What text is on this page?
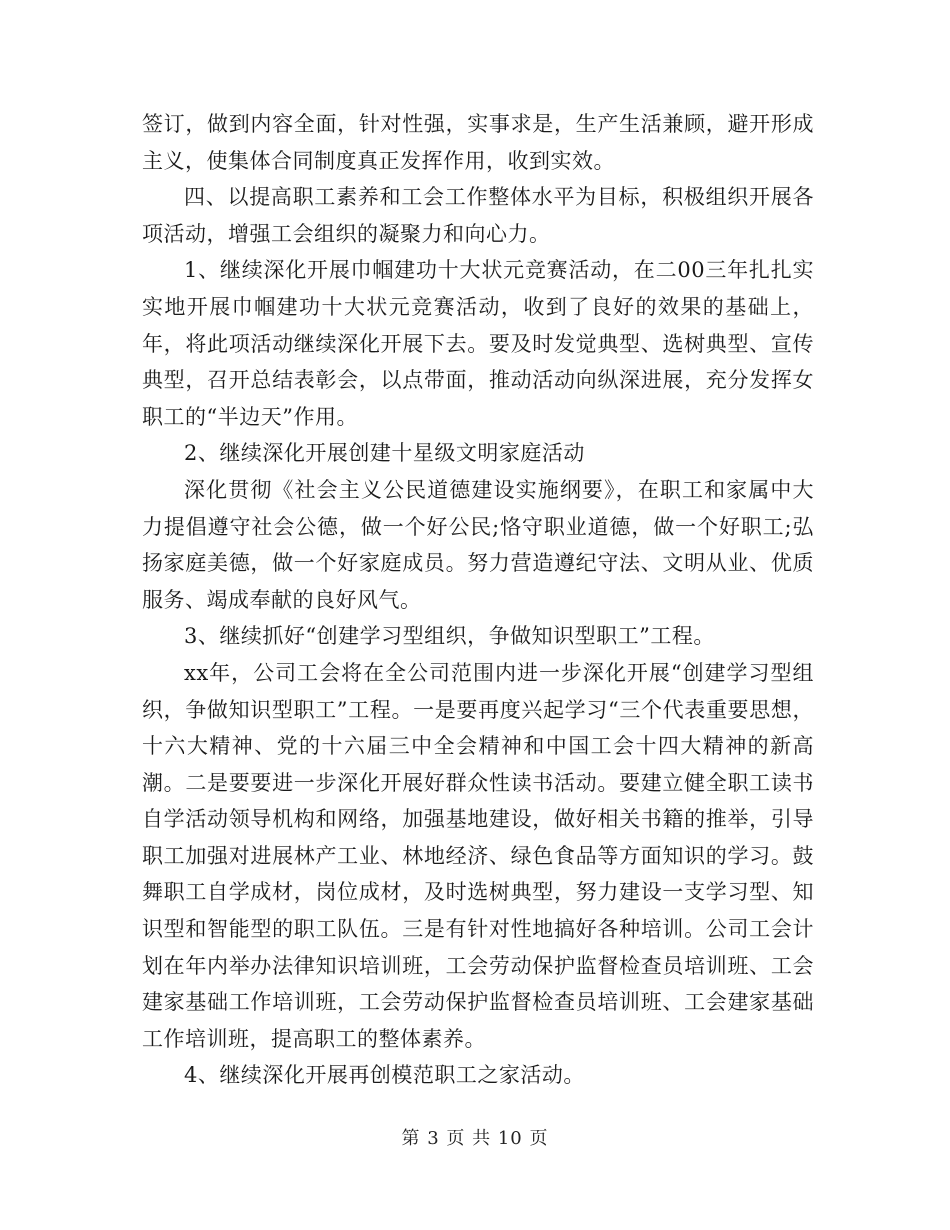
签订，做到内容全面，针对性强，实事求是，生产生活兼顾，避开形成主义，使集体合同制度真正发挥作用，收到实效。

四、以提高职工素养和工会工作整体水平为目标，积极组织开展各项活动，增强工会组织的凝聚力和向心力。

1、继续深化开展巾帼建功十大状元竞赛活动，在二00三年扎扎实实地开展巾帼建功十大状元竞赛活动，收到了良好的效果的基础上，年，将此项活动继续深化开展下去。要及时发觉典型、选树典型、宣传典型，召开总结表彰会，以点带面，推动活动向纵深进展，充分发挥女职工的“半边天”作用。

2、继续深化开展创建十星级文明家庭活动

深化贯彻《社会主义公民道德建设实施纲要》，在职工和家属中大力提倡遵守社会公德，做一个好公民;恪守职业道德，做一个好职工;弘扬家庭美德，做一个好家庭成员。努力营造遵纪守法、文明从业、优质服务、竭成奉献的良好风气。

3、继续抓好“创建学习型组织，争做知识型职工”工程。

xx年，公司工会将在全公司范围内进一步深化开展“创建学习型组织，争做知识型职工”工程。一是要再度兴起学习“三个代表重要思想，十六大精神、党的十六届三中全会精神和中国工会十四大精神的新高潮。二是要要进一步深化开展好群众性读书活动。要建立健全职工读书自学活动领导机构和网络，加强基地建设，做好相关书籍的推举，引导职工加强对进展林产工业、林地经济、绿色食品等方面知识的学习。鼓舞职工自学成材，岗位成材，及时选树典型，努力建设一支学习型、知识型和智能型的职工队伍。三是有针对性地搞好各种培训。公司工会计划在年内举办法律知识培训班，工会劳动保护监督检查员培训班、工会建家基础工作培训班，工会劳动保护监督检查员培训班、工会建家基础工作培训班，提高职工的整体素养。

4、继续深化开展再创模范职工之家活动。

第 3 页 共 10 页
